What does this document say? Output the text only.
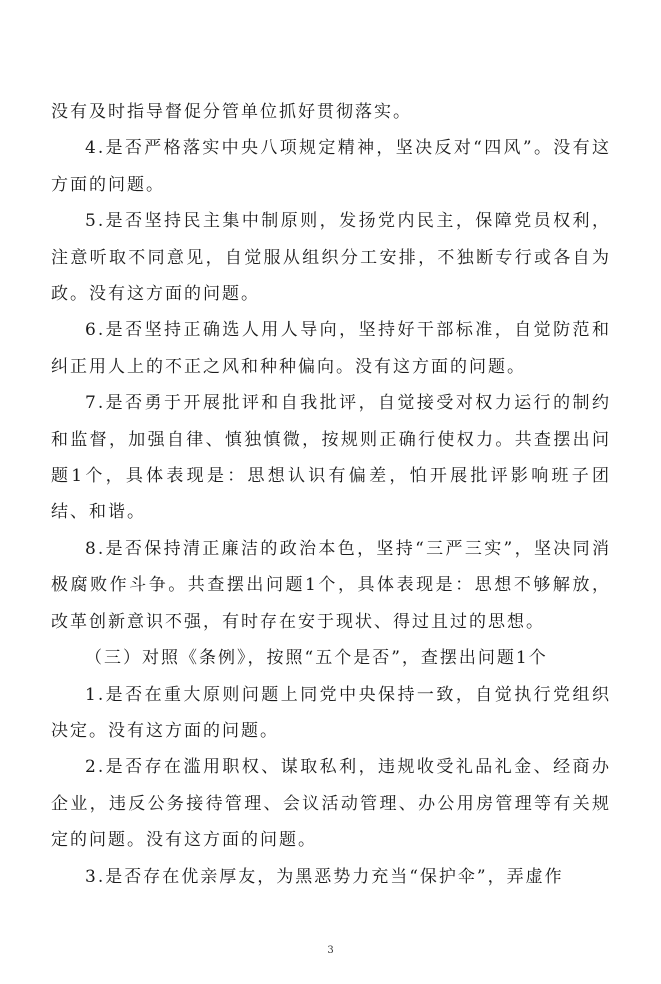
没有及时指导督促分管单位抓好贯彻落实。

4.是否严格落实中央八项规定精神，坚决反对“四风”。没有这方面的问题。

5.是否坚持民主集中制原则，发扬党内民主，保障党员权利，注意听取不同意见，自觉服从组织分工安排，不独断专行或各自为政。没有这方面的问题。

6.是否坚持正确选人用人导向，坚持好干部标准，自觉防范和纠正用人上的不正之风和种种偏向。没有这方面的问题。

7.是否勇于开展批评和自我批评，自觉接受对权力运行的制约和监督，加强自律、慎独慎微，按规则正确行使权力。共查摆出问题1个，具体表现是：思想认识有偏差，怕开展批评影响班子团结、和谐。

8.是否保持清正廉洁的政治本色，坚持“三严三实”，坚决同消极腐败作斗争。共查摆出问题1个，具体表现是：思想不够解放，改革创新意识不强，有时存在安于现状、得过且过的思想。

（三）对照《条例》，按照“五个是否”，查摆出问题1个

1.是否在重大原则问题上同党中央保持一致，自觉执行党组织决定。没有这方面的问题。

2.是否存在滥用职权、谋取私利，违规收受礼品礼金、经商办企业，违反公务接待管理、会议活动管理、办公用房管理等有关规定的问题。没有这方面的问题。

3.是否存在优亲厚友，为黑恶势力充当“保护伞”，弄虚作

3
